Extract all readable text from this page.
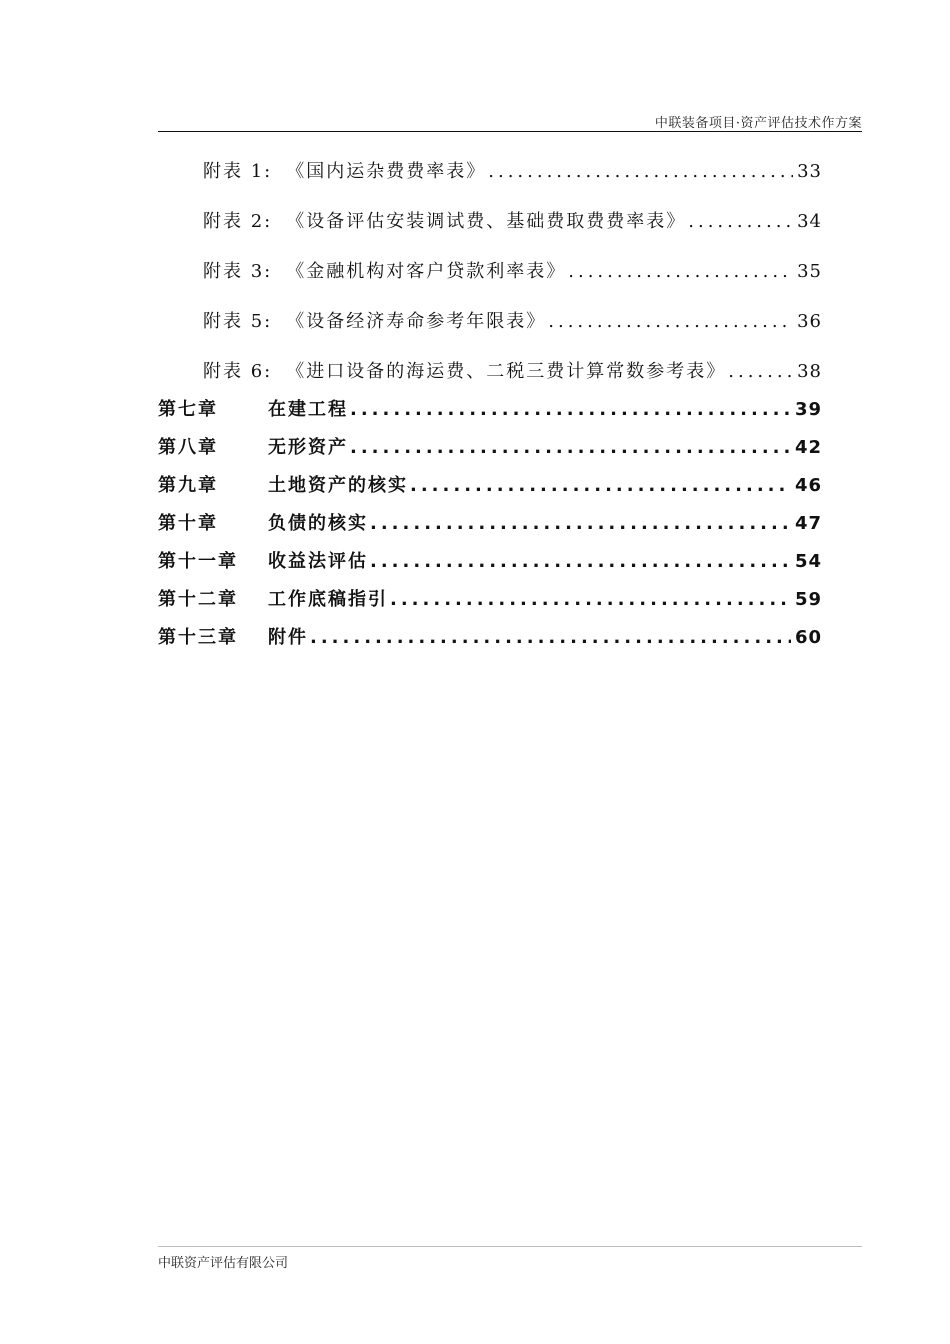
中联装备项目·资产评估技术作方案
附表 1: 《国内运杂费费率表》 .....	33
附表 2: 《设备评估安装调试费、基础费取费费率表》 .....	34
附表 3: 《金融机构对客户贷款利率表》 .....	35
附表 5: 《设备经济寿命参考年限表》 .....	36
附表 6: 《进口设备的海运费、二税三费计算常数参考表》 .....	38
第七章	在建工程 .....	39
第八章	无形资产 .....	42
第九章	土地资产的核实 .....	46
第十章	负债的核实 .....	47
第十一章	收益法评估 .....	54
第十二章	工作底稿指引 .....	59
第十三章	附件 .....	60
中联资产评估有限公司
